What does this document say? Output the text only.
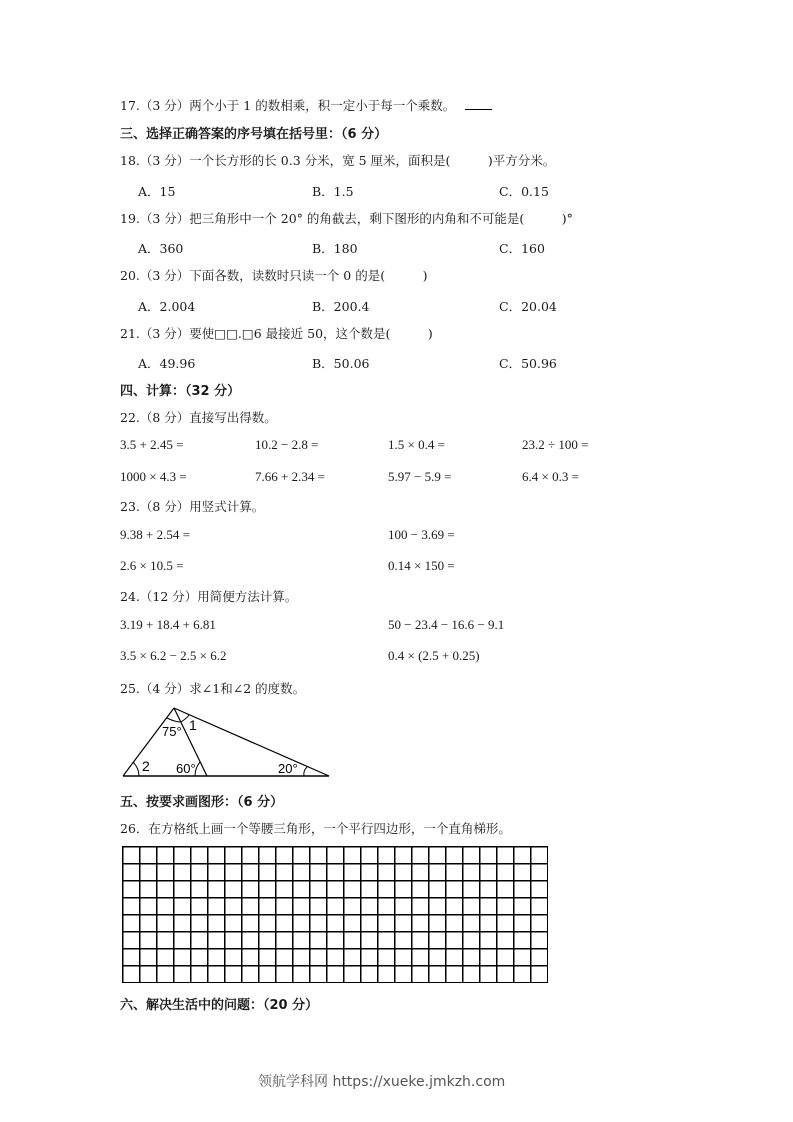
17.（3 分）两个小于 1 的数相乘，积一定小于每一个乘数。
三、选择正确答案的序号填在括号里：（6 分）
18.（3 分）一个长方形的长 0.3 分米，宽 5 厘米，面积是(　　　)平方分米。
A．15	B．1.5	C．0.15
19.（3 分）把三角形中一个 20° 的角截去，剩下图形的内角和不可能是(　　　)°
A．360	B．180	C．160
20.（3 分）下面各数，读数时只读一个 0 的是(　　　)
A．2.004	B．200.4	C．20.04
21.（3 分）要使□□.□6 最接近 50，这个数是(　　　)
A．49.96	B．50.06	C．50.96
四、计算：（32 分）
22.（8 分）直接写出得数。
3.5 + 2.45 =	10.2 − 2.8 =	1.5 × 0.4 =	23.2 ÷ 100 =
1000 × 4.3 =	7.66 + 2.34 =	5.97 − 5.9 =	6.4 × 0.3 =
23.（8 分）用竖式计算。
9.38 + 2.54 =	100 − 3.69 =
2.6 × 10.5 =	0.14 × 150 =
24.（12 分）用简便方法计算。
3.19 + 18.4 + 6.81	50 − 23.4 − 16.6 − 9.1
3.5 × 6.2 − 2.5 × 6.2	0.4 × (2.5 + 0.25)
25.（4 分）求∠1和∠2 的度数。
75° 1
2 60°	20°
五、按要求画图形：（6 分）
26．在方格纸上画一个等腰三角形，一个平行四边形，一个直角梯形。
六、解决生活中的问题：（20 分）
领航学科网 https://xueke.jmkzh.com
